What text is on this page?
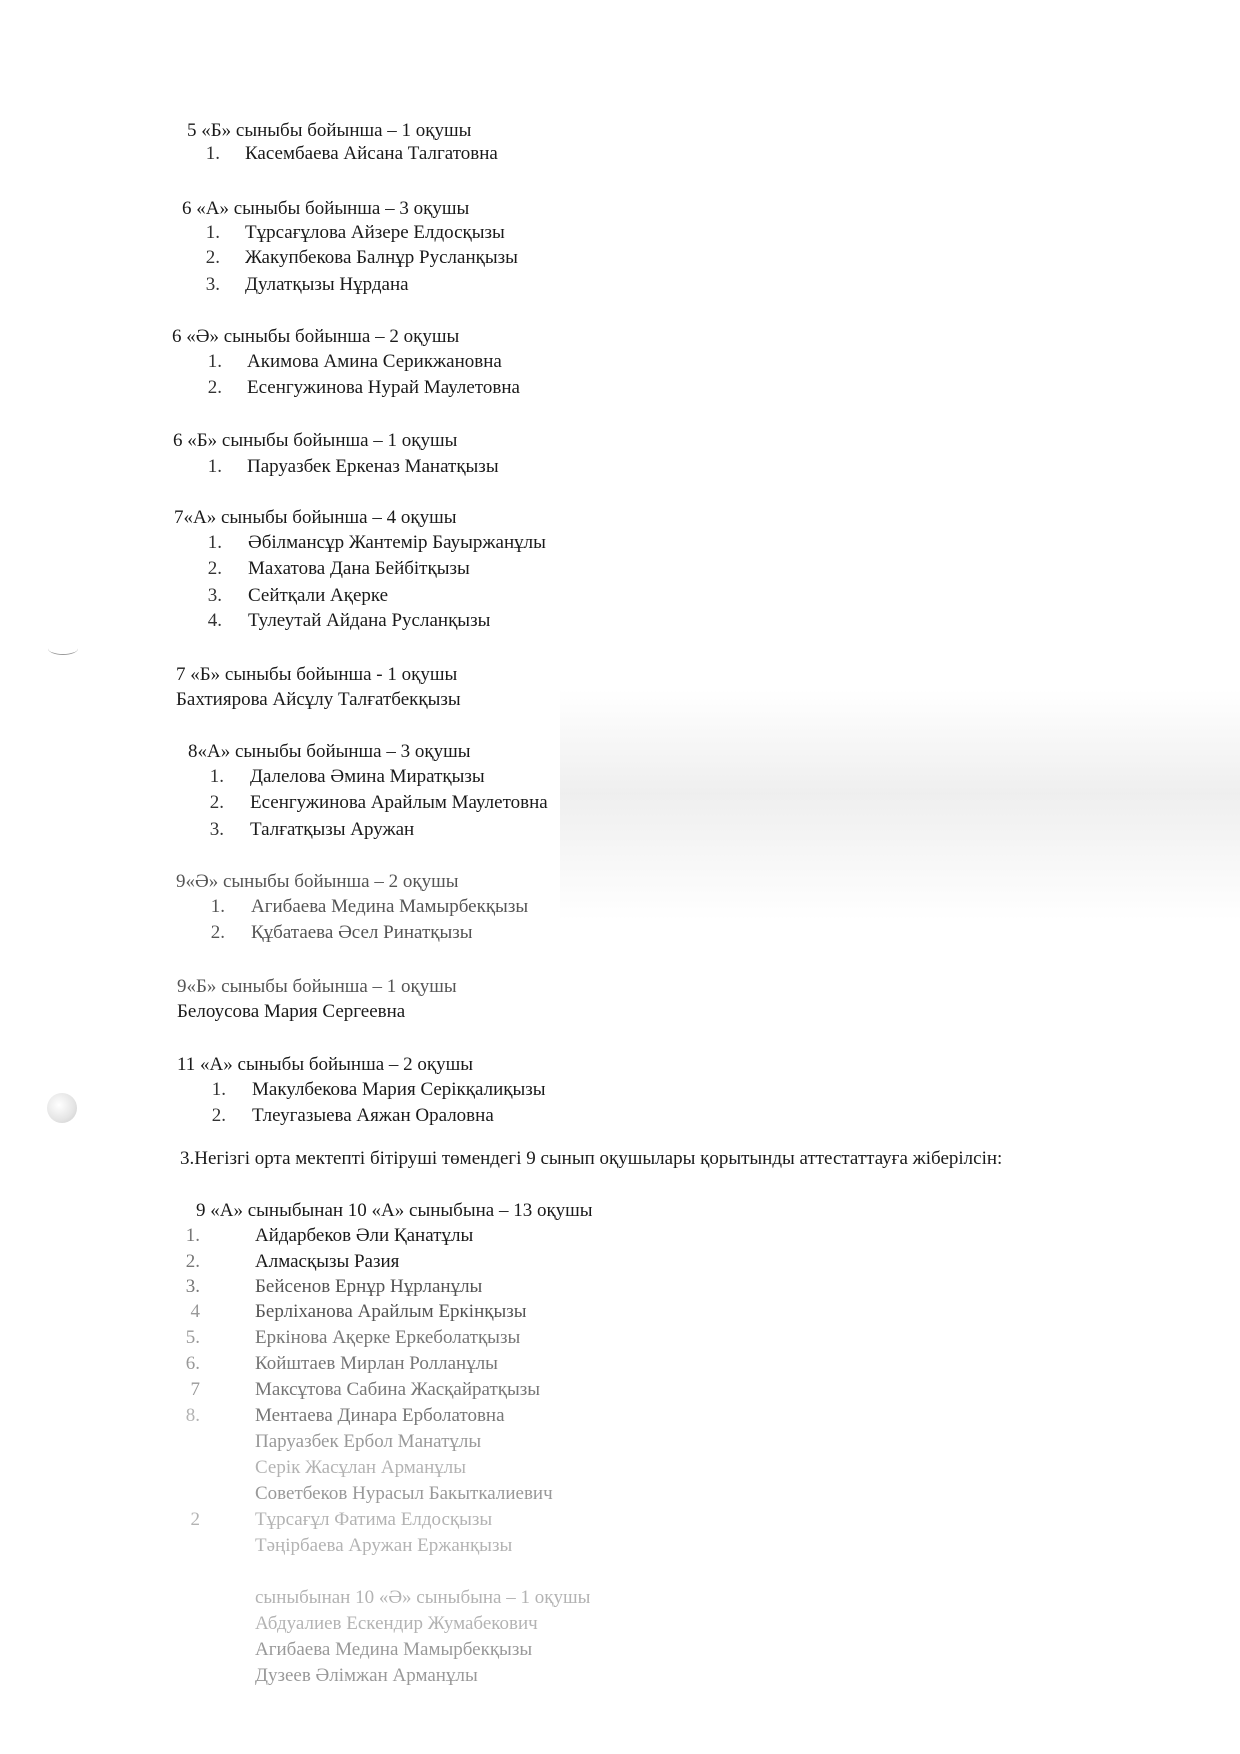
5 «Б» сыныбы бойынша – 1 оқушы
1. Касембаева Айсана Талгатовна
6 «А» сыныбы бойынша – 3 оқушы
1. Тұрсағұлова Айзере Елдосқызы
2. Жакупбекова Балнұр Русланқызы
3. Дулатқызы Нұрдана
6 «Ә» сыныбы бойынша – 2 оқушы
1. Акимова Амина Серикжановна
2. Есенгужинова Нурай Маулетовна
6 «Б» сыныбы бойынша – 1 оқушы
1. Паруазбек Еркеназ Манатқызы
7«А» сыныбы бойынша – 4 оқушы
1. Әбілмансұр Жантемір Бауыржанұлы
2. Махатова Дана Бейбітқызы
3. Сейтқали Ақерке
4. Тулеутай Айдана Русланқызы
7 «Б» сыныбы бойынша - 1 оқушы
Бахтиярова Айсұлу Талғатбекқызы
8«А» сыныбы бойынша – 3 оқушы
1. Далелова Әмина Миратқызы
2. Есенгужинова Арайлым Маулетовна
3. Талғатқызы Аружан
9«Ә» сыныбы бойынша – 2 оқушы
1. Агибаева Медина Мамырбекқызы
2. Құбатаева Әсел Ринатқызы
9«Б» сыныбы бойынша – 1 оқушы
Белоусова Мария Сергеевна
11 «А» сыныбы бойынша – 2 оқушы
1. Макулбекова Мария Серікқалиқызы
2. Тлеугазыева Аяжан Ораловна
3.Негізгі орта мектепті бітіруші төмендегі 9 сынып оқушылары қорытынды аттестаттауға жіберілсін:
9 «А» сыныбынан 10 «А» сыныбына – 13 оқушы
1.	Айдарбеков Әли Қанатұлы
2.	Алмасқызы Разия
3.	Бейсенов Ернұр Нұрланұлы
4	Берліханова Арайлым Еркінқызы
5.	Еркінова Ақерке Еркеболатқызы
6.	Койштаев Мирлан Ролланұлы
7	Максұтова Сабина Жасқайратқызы
8.	Ментаева Динара Ерболатовна
Паруазбек Ербол Манатұлы
Серік Жасұлан Арманұлы
Советбеков Нурасыл Бакыткалиевич
2	Тұрсағұл Фатима Елдосқызы
Тәңірбаева Аружан Ержанқызы
сыныбынан 10 «Ә» сыныбына – 1 оқушы
Абдуалиев Ескендир Жумабекович
Агибаева Медина Мамырбекқызы
Дузеев Әлімжан Арманұлы
